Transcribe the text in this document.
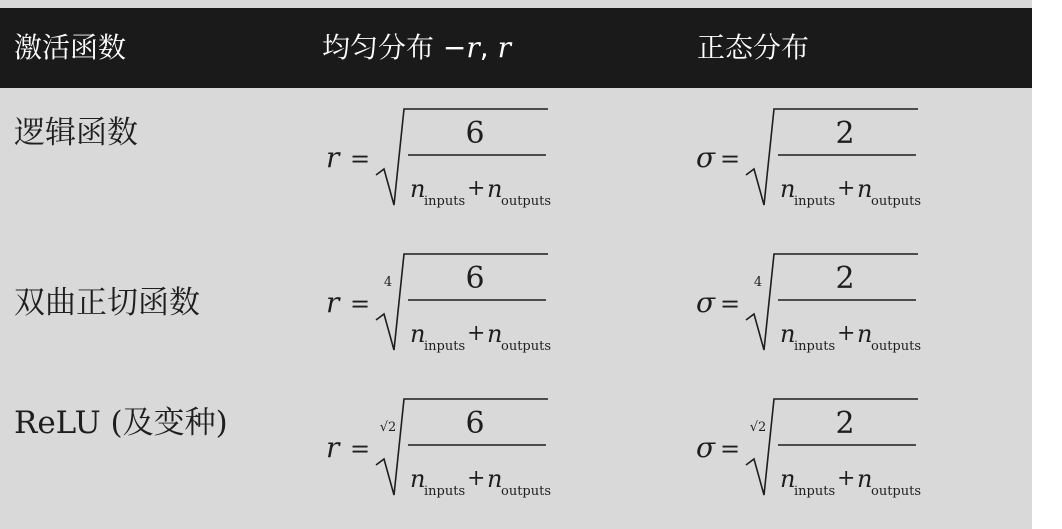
激活函数	均匀分布 −r, r	正态分布
逻辑函数
双曲正切函数
ReLU (及变种)
r =
6
n
inputs
+ n
outputs
σ =
2
n
inputs
+ n
outputs
r =
4 6
n
inputs
+ n
outputs
σ =
4 2
n
inputs
+ n
outputs
r =
√2 6
n
inputs
+ n
outputs
σ =
√2 2
n
inputs
+ n
outputs
